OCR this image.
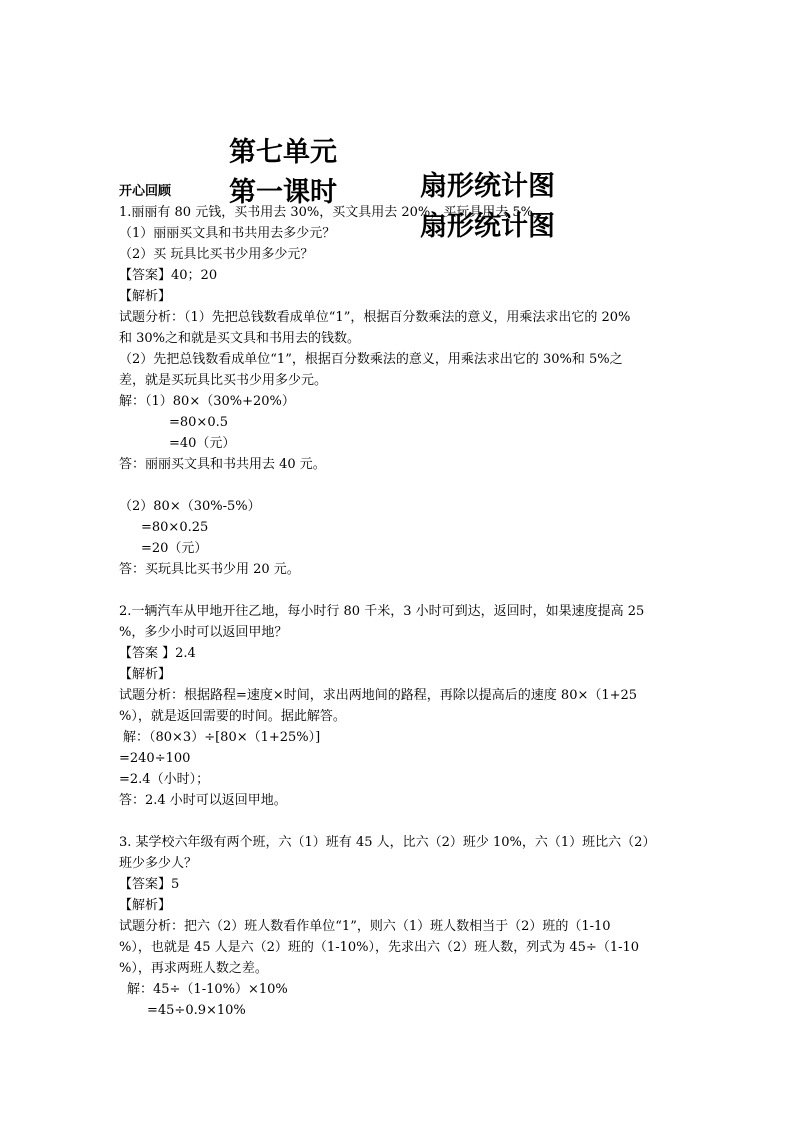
第七单元

扇形统计图

第一课时

扇形统计图

开心回顾
1.丽丽有 80 元钱，买书用去 30%，买文具用去 20%，买玩具用去 5%。
（1）丽丽买文具和书共用去多少元？
（2）买 玩具比买书少用多少元？
【答案】40；20
【解析】
试题分析：（1）先把总钱数看成单位“1”，根据百分数乘法的意义，用乘法求出它的 20%
和 30%之和就是买文具和书用去的钱数。
（2）先把总钱数看成单位“1”，根据百分数乘法的意义，用乘法求出它的 30%和 5%之
差，就是买玩具比买书少用多少元。
解：（1）80×（30%+20%）
=80×0.5
=40（元）
答：丽丽买文具和书共用去 40 元。
（2）80×（30%-5%）
=80×0.25
=20（元）
答：买玩具比买书少用 20 元。
2.一辆汽车从甲地开往乙地，每小时行 80 千米，3 小时可到达，返回时，如果速度提高 25
%，多少小时可以返回甲地？
【答案 】2.4
【解析】
试题分析：根据路程=速度×时间，求出两地间的路程，再除以提高后的速度 80×（1+25
%），就是返回需要的时间。据此解答。
解：（80×3）÷[80×（1+25%）]
=240÷100
=2.4（小时）；
答：2.4 小时可以返回甲地。
3. 某学校六年级有两个班，六（1）班有 45 人，比六（2）班少 10%，六（1）班比六（2）
班少多少人？
【答案】5
【解析】
试题分析：把六（2）班人数看作单位“1”，则六（1）班人数相当于（2）班的（1-10
%），也就是 45 人是六（2）班的（1-10%），先求出六（2）班人数，列式为 45÷（1-10
%），再求两班人数之差。
解：45÷（1-10%）×10%
=45÷0.9×10%
